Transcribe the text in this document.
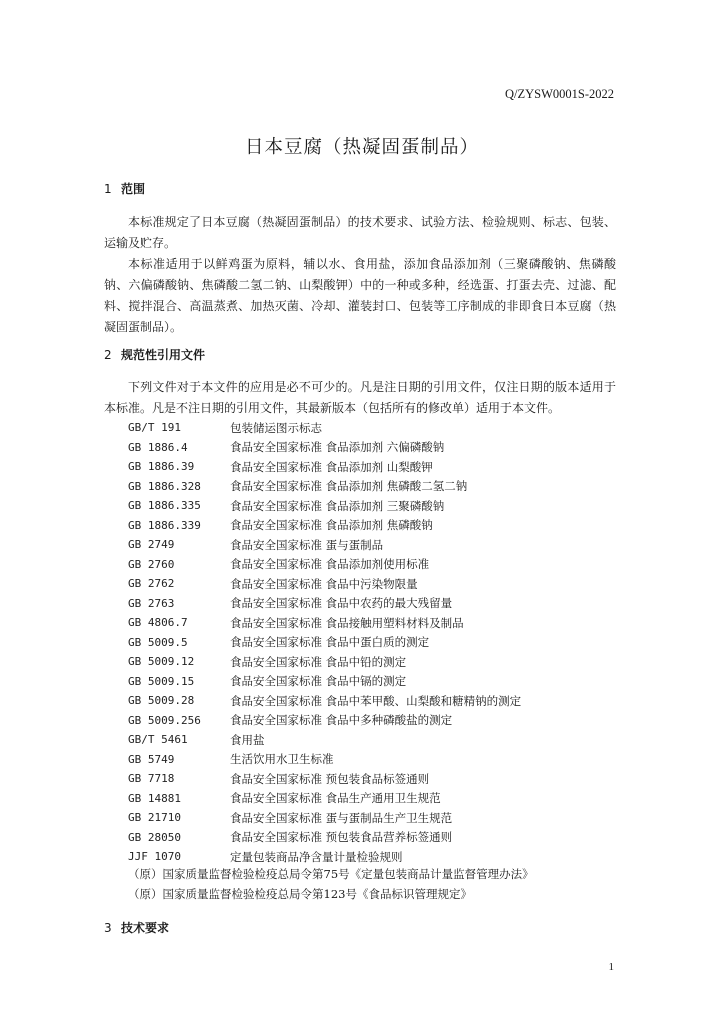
Q/ZYSW0001S-2022
日本豆腐（热凝固蛋制品）
1 范围

本标准规定了日本豆腐（热凝固蛋制品）的技术要求、试验方法、检验规则、标志、包装、运输及贮存。

本标准适用于以鲜鸡蛋为原料，辅以水、食用盐，添加食品添加剂（三聚磷酸钠、焦磷酸钠、六偏磷酸钠、焦磷酸二氢二钠、山梨酸钾）中的一种或多种，经选蛋、打蛋去壳、过滤、配料、搅拌混合、高温蒸煮、加热灭菌、冷却、灌装封口、包装等工序制成的非即食日本豆腐（热凝固蛋制品）。

2 规范性引用文件

下列文件对于本文件的应用是必不可少的。凡是注日期的引用文件，仅注日期的版本适用于本标准。凡是不注日期的引用文件，其最新版本（包括所有的修改单）适用于本文件。

GB/T 191	包装储运图示标志
GB 1886.4	食品安全国家标准 食品添加剂 六偏磷酸钠
GB 1886.39	食品安全国家标准 食品添加剂 山梨酸钾
GB 1886.328	食品安全国家标准 食品添加剂 焦磷酸二氢二钠
GB 1886.335	食品安全国家标准 食品添加剂 三聚磷酸钠
GB 1886.339	食品安全国家标准 食品添加剂 焦磷酸钠
GB 2749	食品安全国家标准 蛋与蛋制品
GB 2760	食品安全国家标准 食品添加剂使用标准
GB 2762	食品安全国家标准 食品中污染物限量
GB 2763	食品安全国家标准 食品中农药的最大残留量
GB 4806.7	食品安全国家标准 食品接触用塑料材料及制品
GB 5009.5	食品安全国家标准 食品中蛋白质的测定
GB 5009.12	食品安全国家标准 食品中铅的测定
GB 5009.15	食品安全国家标准 食品中镉的测定
GB 5009.28	食品安全国家标准 食品中苯甲酸、山梨酸和糖精钠的测定
GB 5009.256	食品安全国家标准 食品中多种磷酸盐的测定
GB/T 5461	食用盐
GB 5749	生活饮用水卫生标准
GB 7718	食品安全国家标准 预包装食品标签通则
GB 14881	食品安全国家标准 食品生产通用卫生规范
GB 21710	食品安全国家标准 蛋与蛋制品生产卫生规范
GB 28050	食品安全国家标准 预包装食品营养标签通则
JJF 1070	定量包装商品净含量计量检验规则
（原）国家质量监督检验检疫总局令第75号《定量包装商品计量监督管理办法》
（原）国家质量监督检验检疫总局令第123号《食品标识管理规定》
3 技术要求
1
